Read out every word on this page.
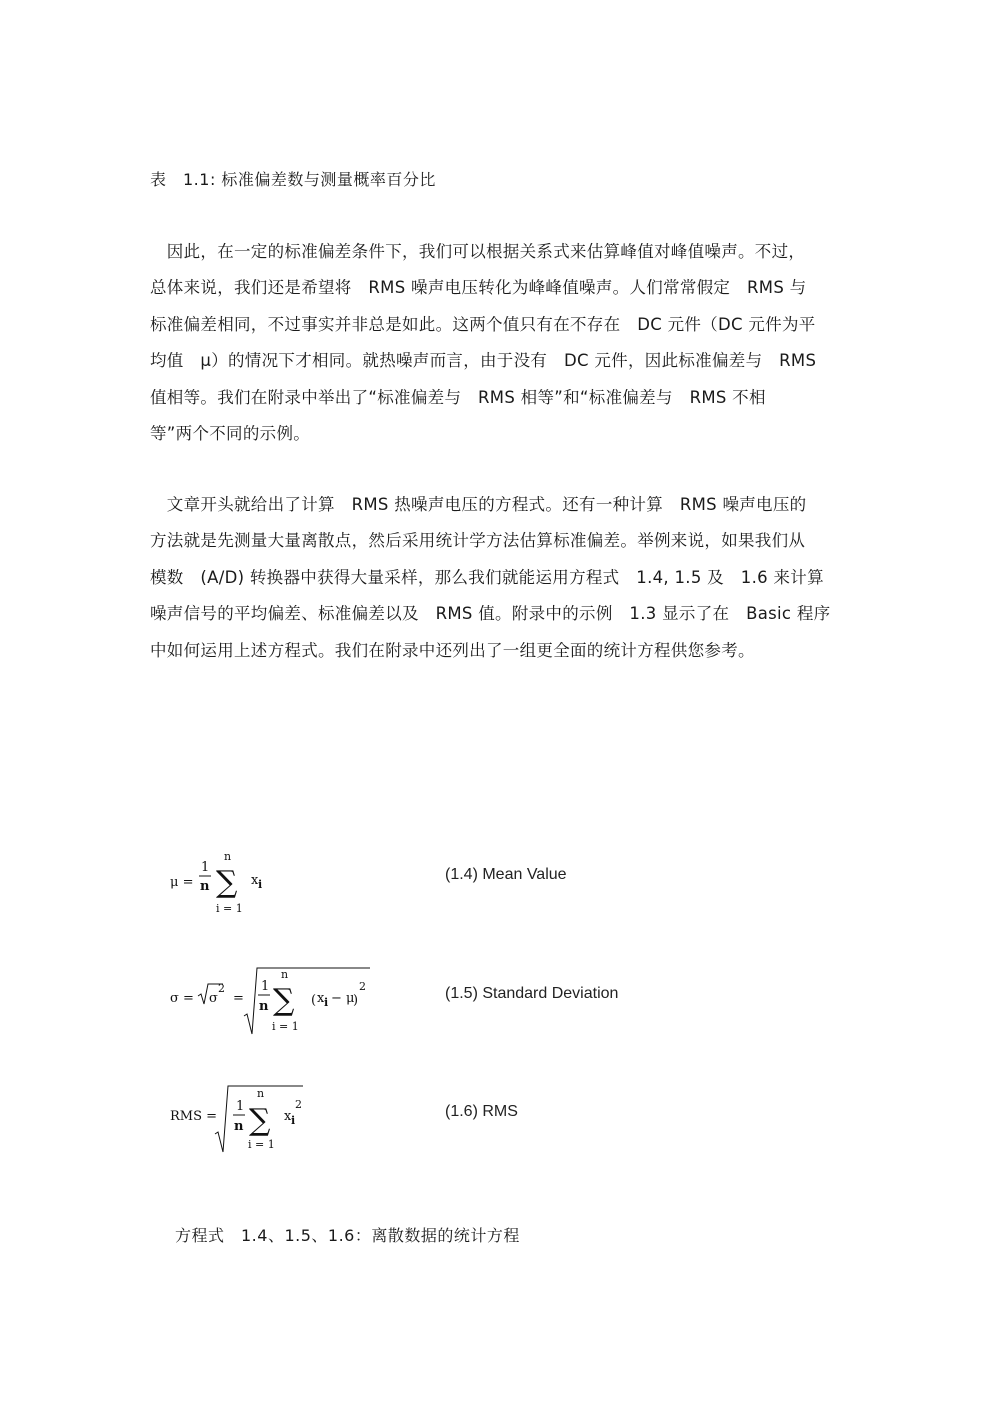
表　1.1: 标准偏差数与测量概率百分比
　因此，在一定的标准偏差条件下，我们可以根据关系式来估算峰值对峰值噪声。不过，
总体来说，我们还是希望将　RMS 噪声电压转化为峰峰值噪声。人们常常假定　RMS 与
标准偏差相同，不过事实并非总是如此。这两个值只有在不存在　DC 元件（DC 元件为平
均值　μ）的情况下才相同。就热噪声而言，由于没有　DC 元件，因此标准偏差与　RMS
值相等。我们在附录中举出了“标准偏差与　RMS 相等”和“标准偏差与　RMS 不相
等”两个不同的示例。
　文章开头就给出了计算　RMS 热噪声电压的方程式。还有一种计算　RMS 噪声电压的
方法就是先测量大量离散点，然后采用统计学方法估算标准偏差。举例来说，如果我们从
模数　(A/D) 转换器中获得大量采样，那么我们就能运用方程式　1.4, 1.5 及　1.6 来计算
噪声信号的平均偏差、标准偏差以及　RMS 值。附录中的示例　1.3 显示了在　Basic 程序
中如何运用上述方程式。我们在附录中还列出了一组更全面的统计方程供您参考。
μ =
1
n
n
∑
i = 1
x i
(1.4) Mean Value
σ = σ
2
=
1
n
n
∑
i = 1
( x i − μ
)
2	(1.5) Standard Deviation
RMS =
1
n
n
∑
i = 1
x i
2	(1.6) RMS
方程式　1.4、1.5、1.6：离散数据的统计方程
